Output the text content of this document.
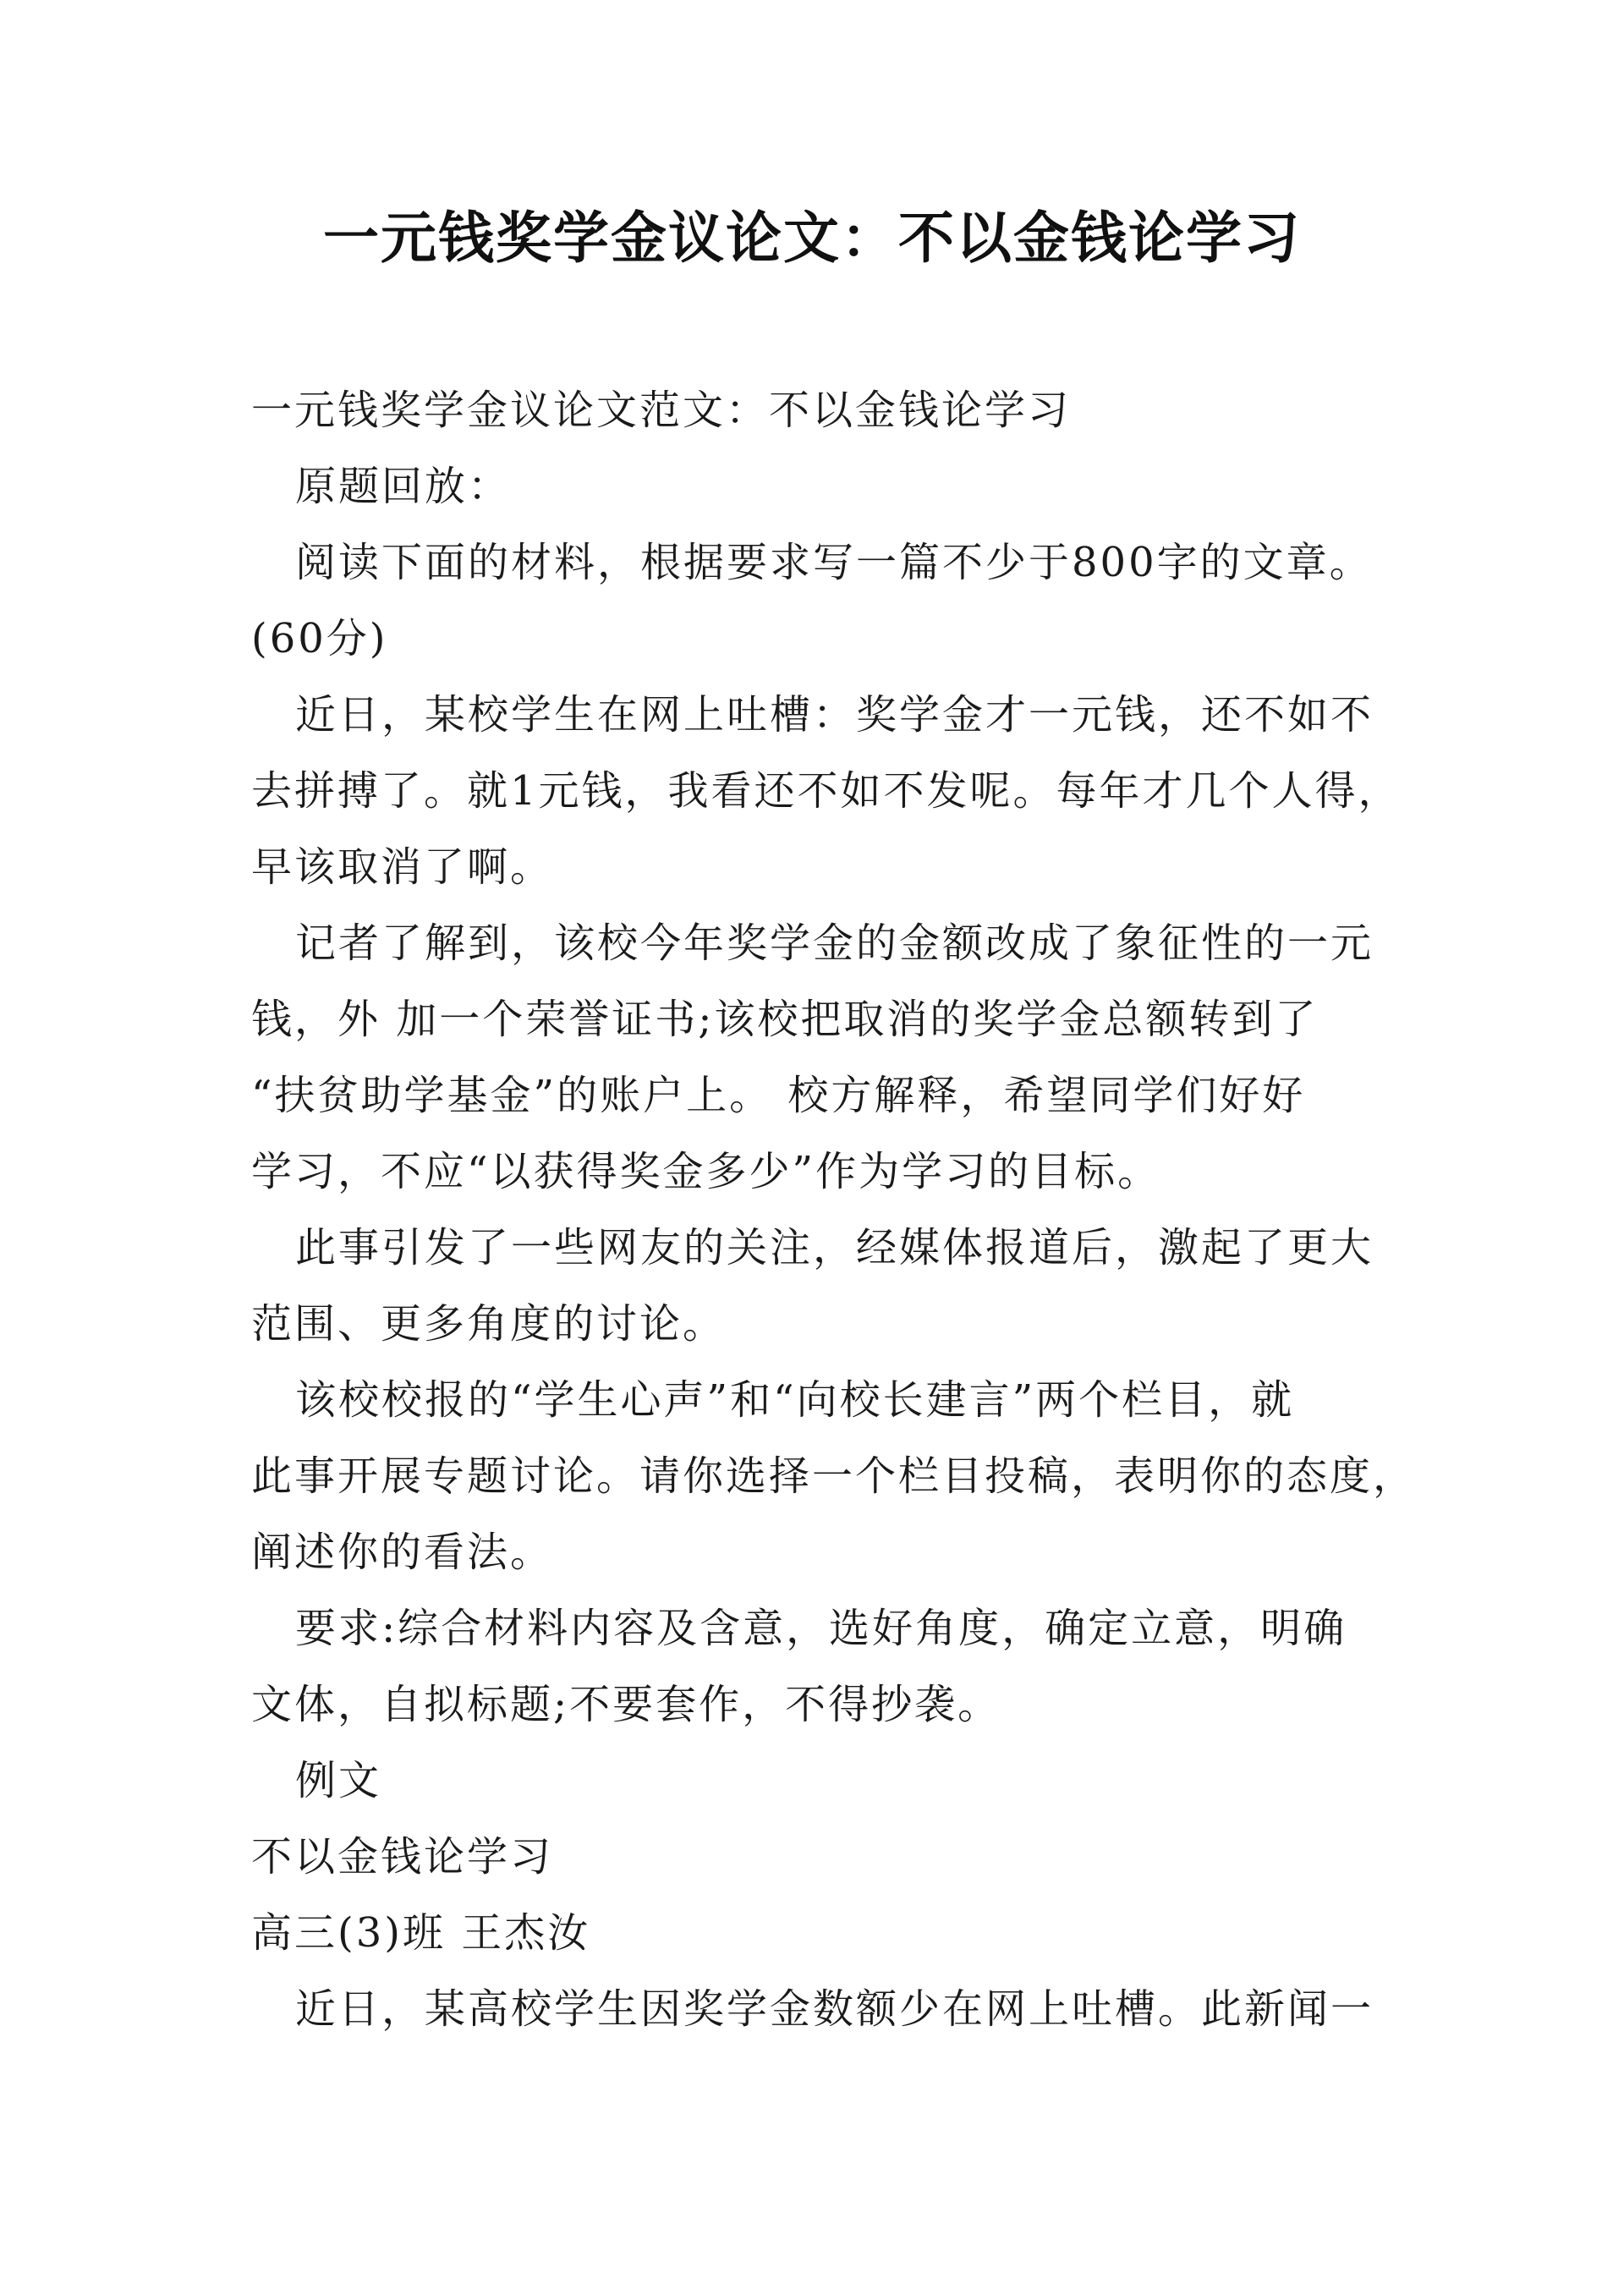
一元钱奖学金议论文：不以金钱论学习
一元钱奖学金议论文范文：不以金钱论学习
原题回放：
阅读下面的材料，根据要求写一篇不少于800字的文章。
(60分)
近日，某校学生在网上吐槽：奖学金才一元钱，还不如不
去拼搏了。就1元钱，我看还不如不发呢。每年才几个人得，
早该取消了啊。
记者了解到，该校今年奖学金的金额改成了象征性的一元
钱，外 加一个荣誉证书;该校把取消的奖学金总额转到了
“扶贫助学基金”的账户上。 校方解释，希望同学们好好
学习，不应“以获得奖金多少”作为学习的目标。
此事引发了一些网友的关注，经媒体报道后，激起了更大
范围、更多角度的讨论。
该校校报的“学生心声”和“向校长建言”两个栏目，就
此事开展专题讨论。请你选择一个栏目投稿，表明你的态度，
阐述你的看法。
要求:综合材料内容及含意，选好角度，确定立意，明确
文体，自拟标题;不要套作，不得抄袭。
例文
不以金钱论学习
高三(3)班 王杰汝
近日，某高校学生因奖学金数额少在网上吐槽。此新闻一
